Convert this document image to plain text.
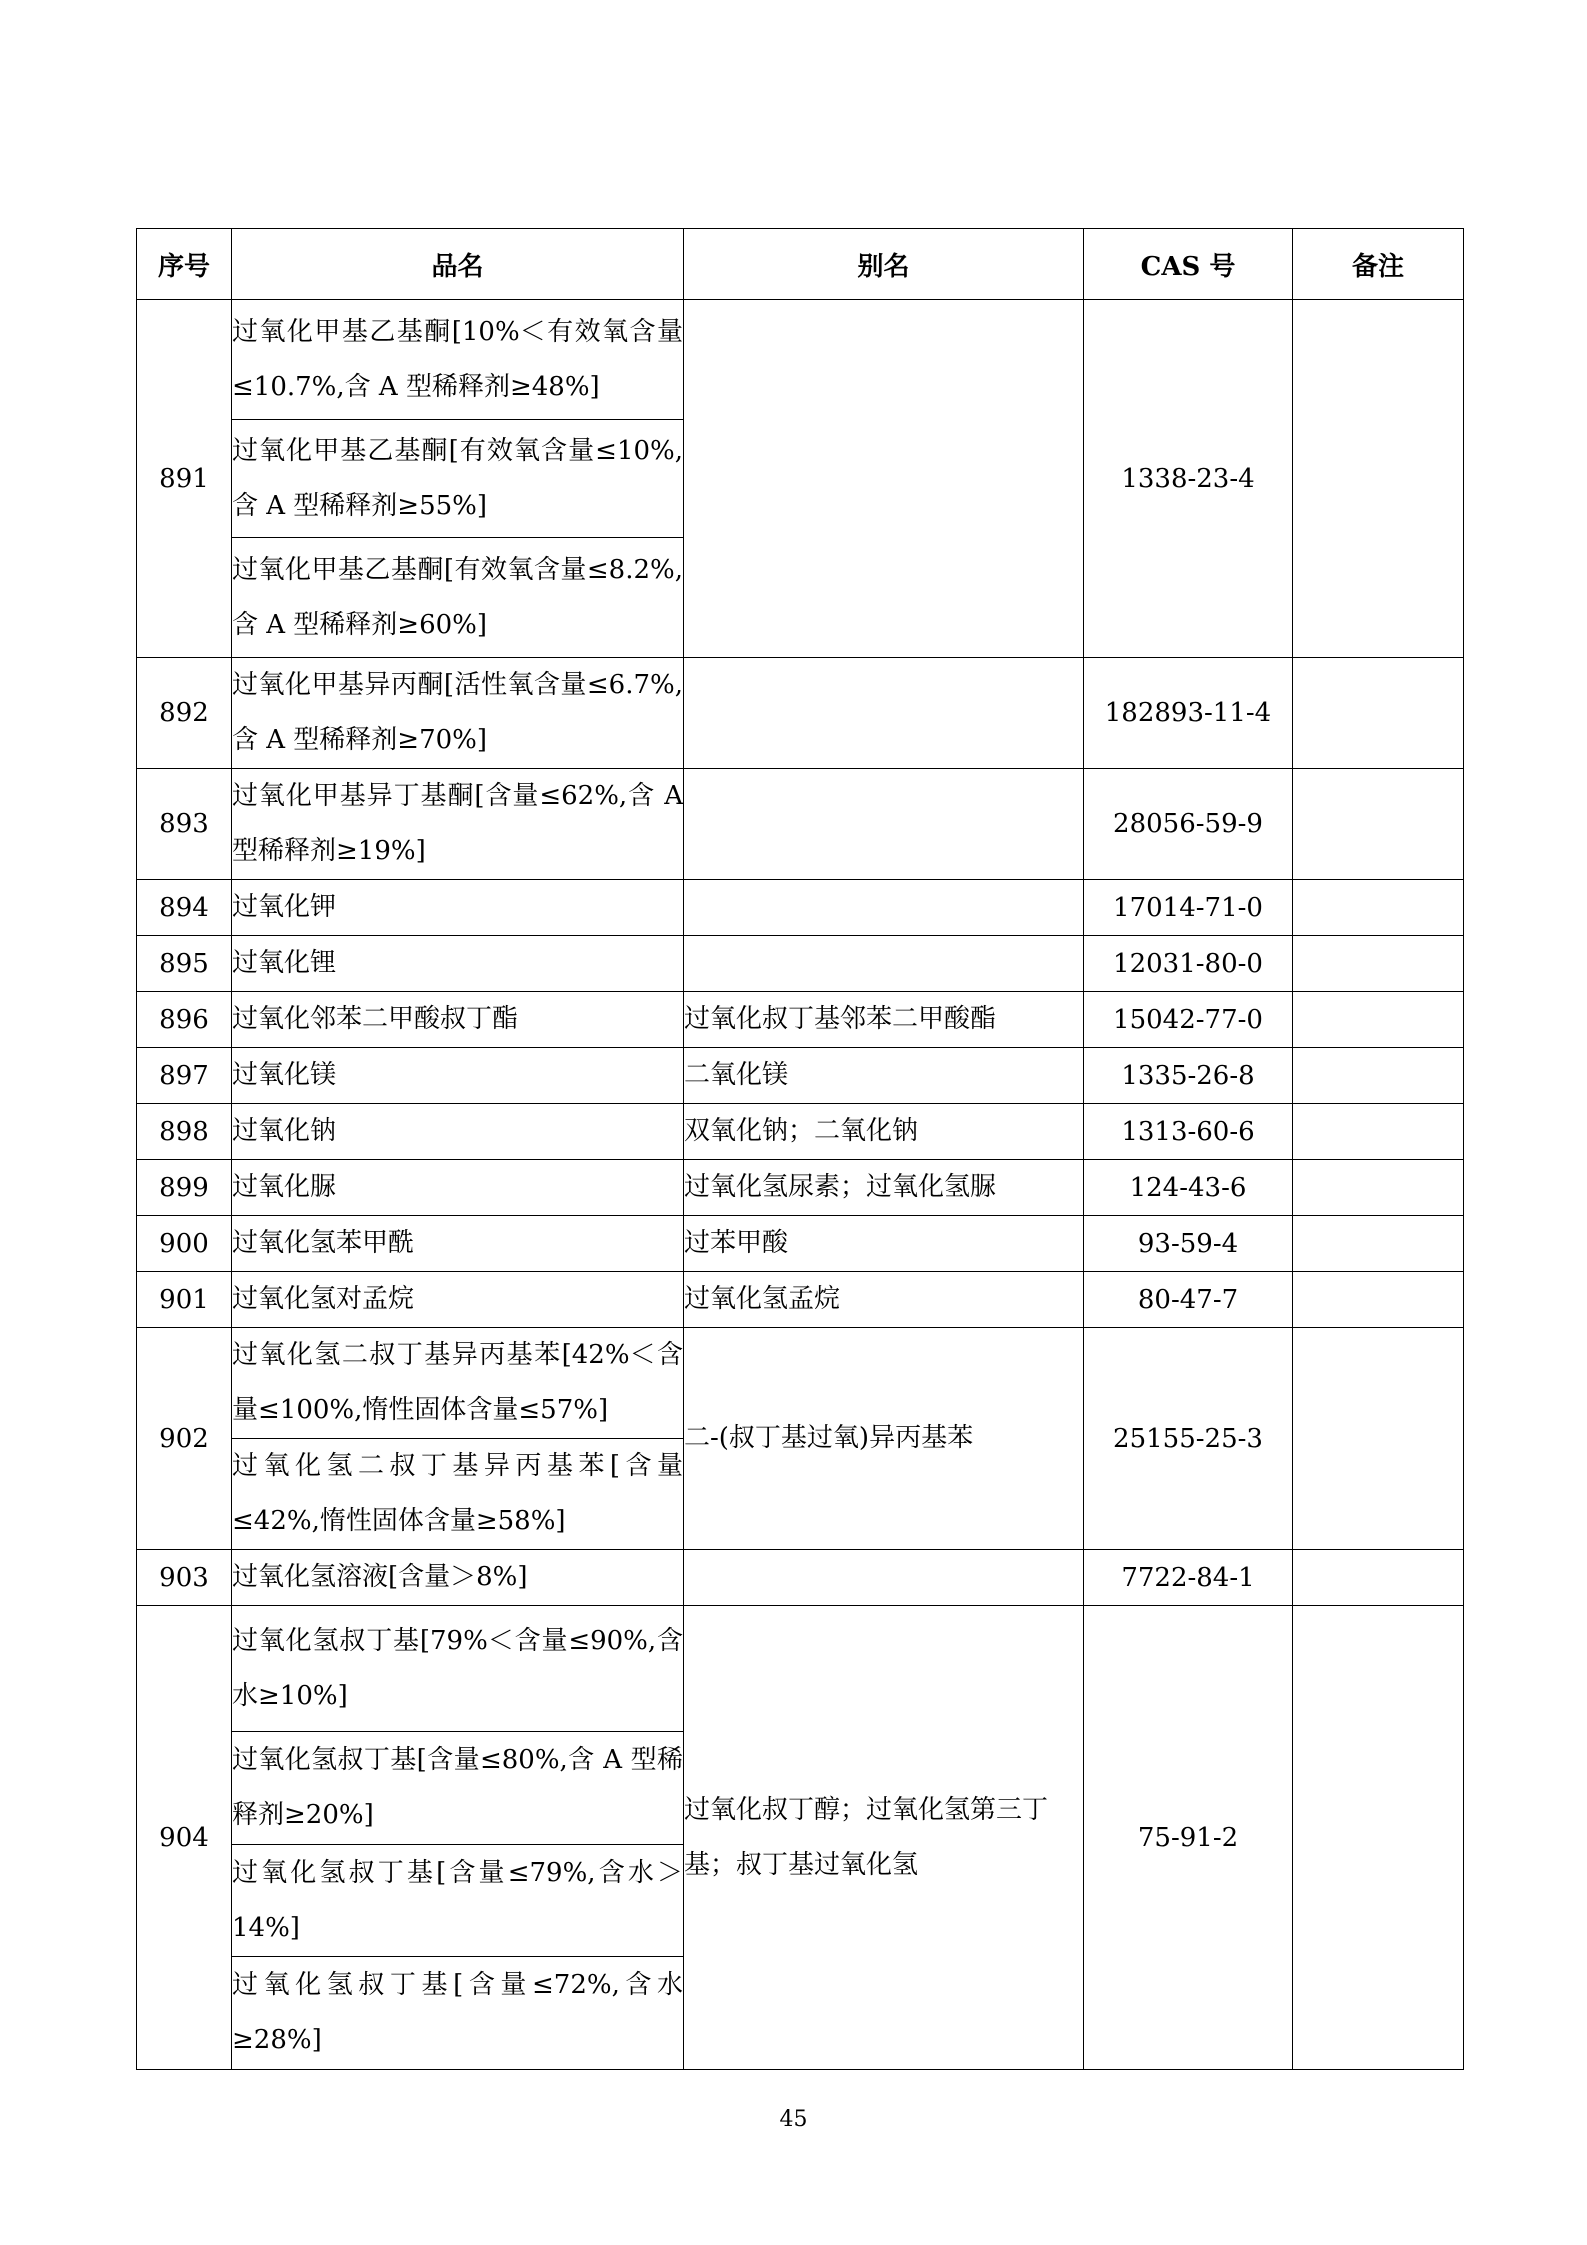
序号	品名	别名	CAS 号	备注
891	过氧化甲基乙基酮[10%＜有效氧含量 ≤10.7%,含 A 型稀释剂≥48%]		1338-23-4	
	过氧化甲基乙基酮[有效氧含量≤10%,含 A 型稀释剂≥55%]			
	过氧化甲基乙基酮[有效氧含量≤8.2%,含 A 型稀释剂≥60%]			
892	过氧化甲基异丙酮[活性氧含量≤6.7%,含 A 型稀释剂≥70%]		182893-11-4	
893	过氧化甲基异丁基酮[含量≤62%,含 A 型稀释剂≥19%]		28056-59-9	
894	过氧化钾		17014-71-0	
895	过氧化锂		12031-80-0	
896	过氧化邻苯二甲酸叔丁酯	过氧化叔丁基邻苯二甲酸酯	15042-77-0	
897	过氧化镁	二氧化镁	1335-26-8	
898	过氧化钠	双氧化钠；二氧化钠	1313-60-6	
899	过氧化脲	过氧化氢尿素；过氧化氢脲	124-43-6	
900	过氧化氢苯甲酰	过苯甲酸	93-59-4	
901	过氧化氢对孟烷	过氧化氢孟烷	80-47-7	
902	过氧化氢二叔丁基异丙基苯[42%＜含量≤100%,惰性固体含量≤57%]	二-(叔丁基过氧)异丙基苯	25155-25-3	
	过氧化氢二叔丁基异丙基苯[含量≤42%,惰性固体含量≥58%]			
903	过氧化氢溶液[含量＞8%]		7722-84-1	
904	过氧化氢叔丁基[79%＜含量≤90%,含水≥10%]	过氧化叔丁醇；过氧化氢第三丁基；叔丁基过氧化氢	75-91-2	
	过氧化氢叔丁基[含量≤80%,含 A 型稀释剂≥20%]			
	过氧化氢叔丁基[含量≤79%,含水＞14%]			
	过氧化氢叔丁基[含量≤72%,含水≥28%]			
45
